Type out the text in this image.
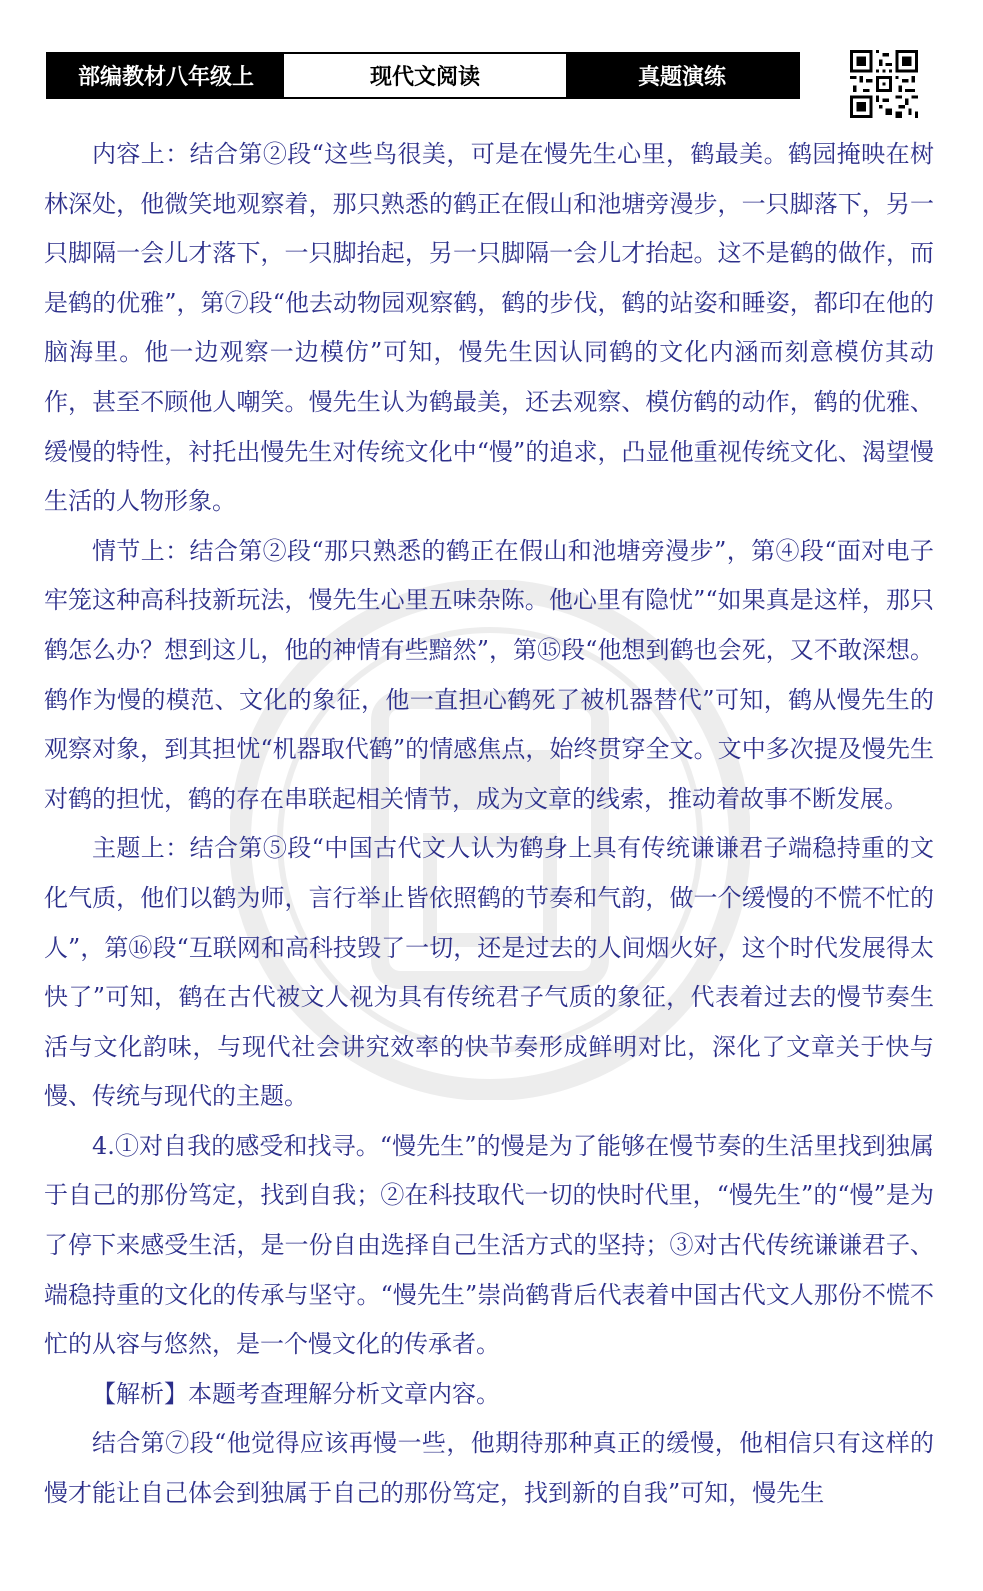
部编教材八年级上	现代文阅读	真题演练

内容上：结合第②段“这些鸟很美，可是在慢先生心里，鹤最美。鹤园掩映在树林深处，他微笑地观察着，那只熟悉的鹤正在假山和池塘旁漫步，一只脚落下，另一只脚隔一会儿才落下，一只脚抬起，另一只脚隔一会儿才抬起。这不是鹤的做作，而是鹤的优雅”，第⑦段“他去动物园观察鹤，鹤的步伐，鹤的站姿和睡姿，都印在他的脑海里。他一边观察一边模仿”可知，慢先生因认同鹤的文化内涵而刻意模仿其动作，甚至不顾他人嘲笑。慢先生认为鹤最美，还去观察、模仿鹤的动作，鹤的优雅、缓慢的特性，衬托出慢先生对传统文化中“慢”的追求，凸显他重视传统文化、渴望慢生活的人物形象。

情节上：结合第②段“那只熟悉的鹤正在假山和池塘旁漫步”，第④段“面对电子牢笼这种高科技新玩法，慢先生心里五味杂陈。他心里有隐忧”“如果真是这样，那只鹤怎么办？想到这儿，他的神情有些黯然”，第⑮段“他想到鹤也会死，又不敢深想。鹤作为慢的模范、文化的象征，他一直担心鹤死了被机器替代”可知，鹤从慢先生的观察对象，到其担忧“机器取代鹤”的情感焦点，始终贯穿全文。文中多次提及慢先生对鹤的担忧，鹤的存在串联起相关情节，成为文章的线索，推动着故事不断发展。

主题上：结合第⑤段“中国古代文人认为鹤身上具有传统谦谦君子端稳持重的文化气质，他们以鹤为师，言行举止皆依照鹤的节奏和气韵，做一个缓慢的不慌不忙的人”，第⑯段“互联网和高科技毁了一切，还是过去的人间烟火好，这个时代发展得太快了”可知，鹤在古代被文人视为具有传统君子气质的象征，代表着过去的慢节奏生活与文化韵味，与现代社会讲究效率的快节奏形成鲜明对比，深化了文章关于快与慢、传统与现代的主题。

4.①对自我的感受和找寻。“慢先生”的慢是为了能够在慢节奏的生活里找到独属于自己的那份笃定，找到自我；②在科技取代一切的快时代里，“慢先生”的“慢”是为了停下来感受生活，是一份自由选择自己生活方式的坚持；③对古代传统谦谦君子、端稳持重的文化的传承与坚守。“慢先生”崇尚鹤背后代表着中国古代文人那份不慌不忙的从容与悠然，是一个慢文化的传承者。

【解析】本题考查理解分析文章内容。

结合第⑦段“他觉得应该再慢一些，他期待那种真正的缓慢，他相信只有这样的慢才能让自己体会到独属于自己的那份笃定，找到新的自我”可知，慢先生
